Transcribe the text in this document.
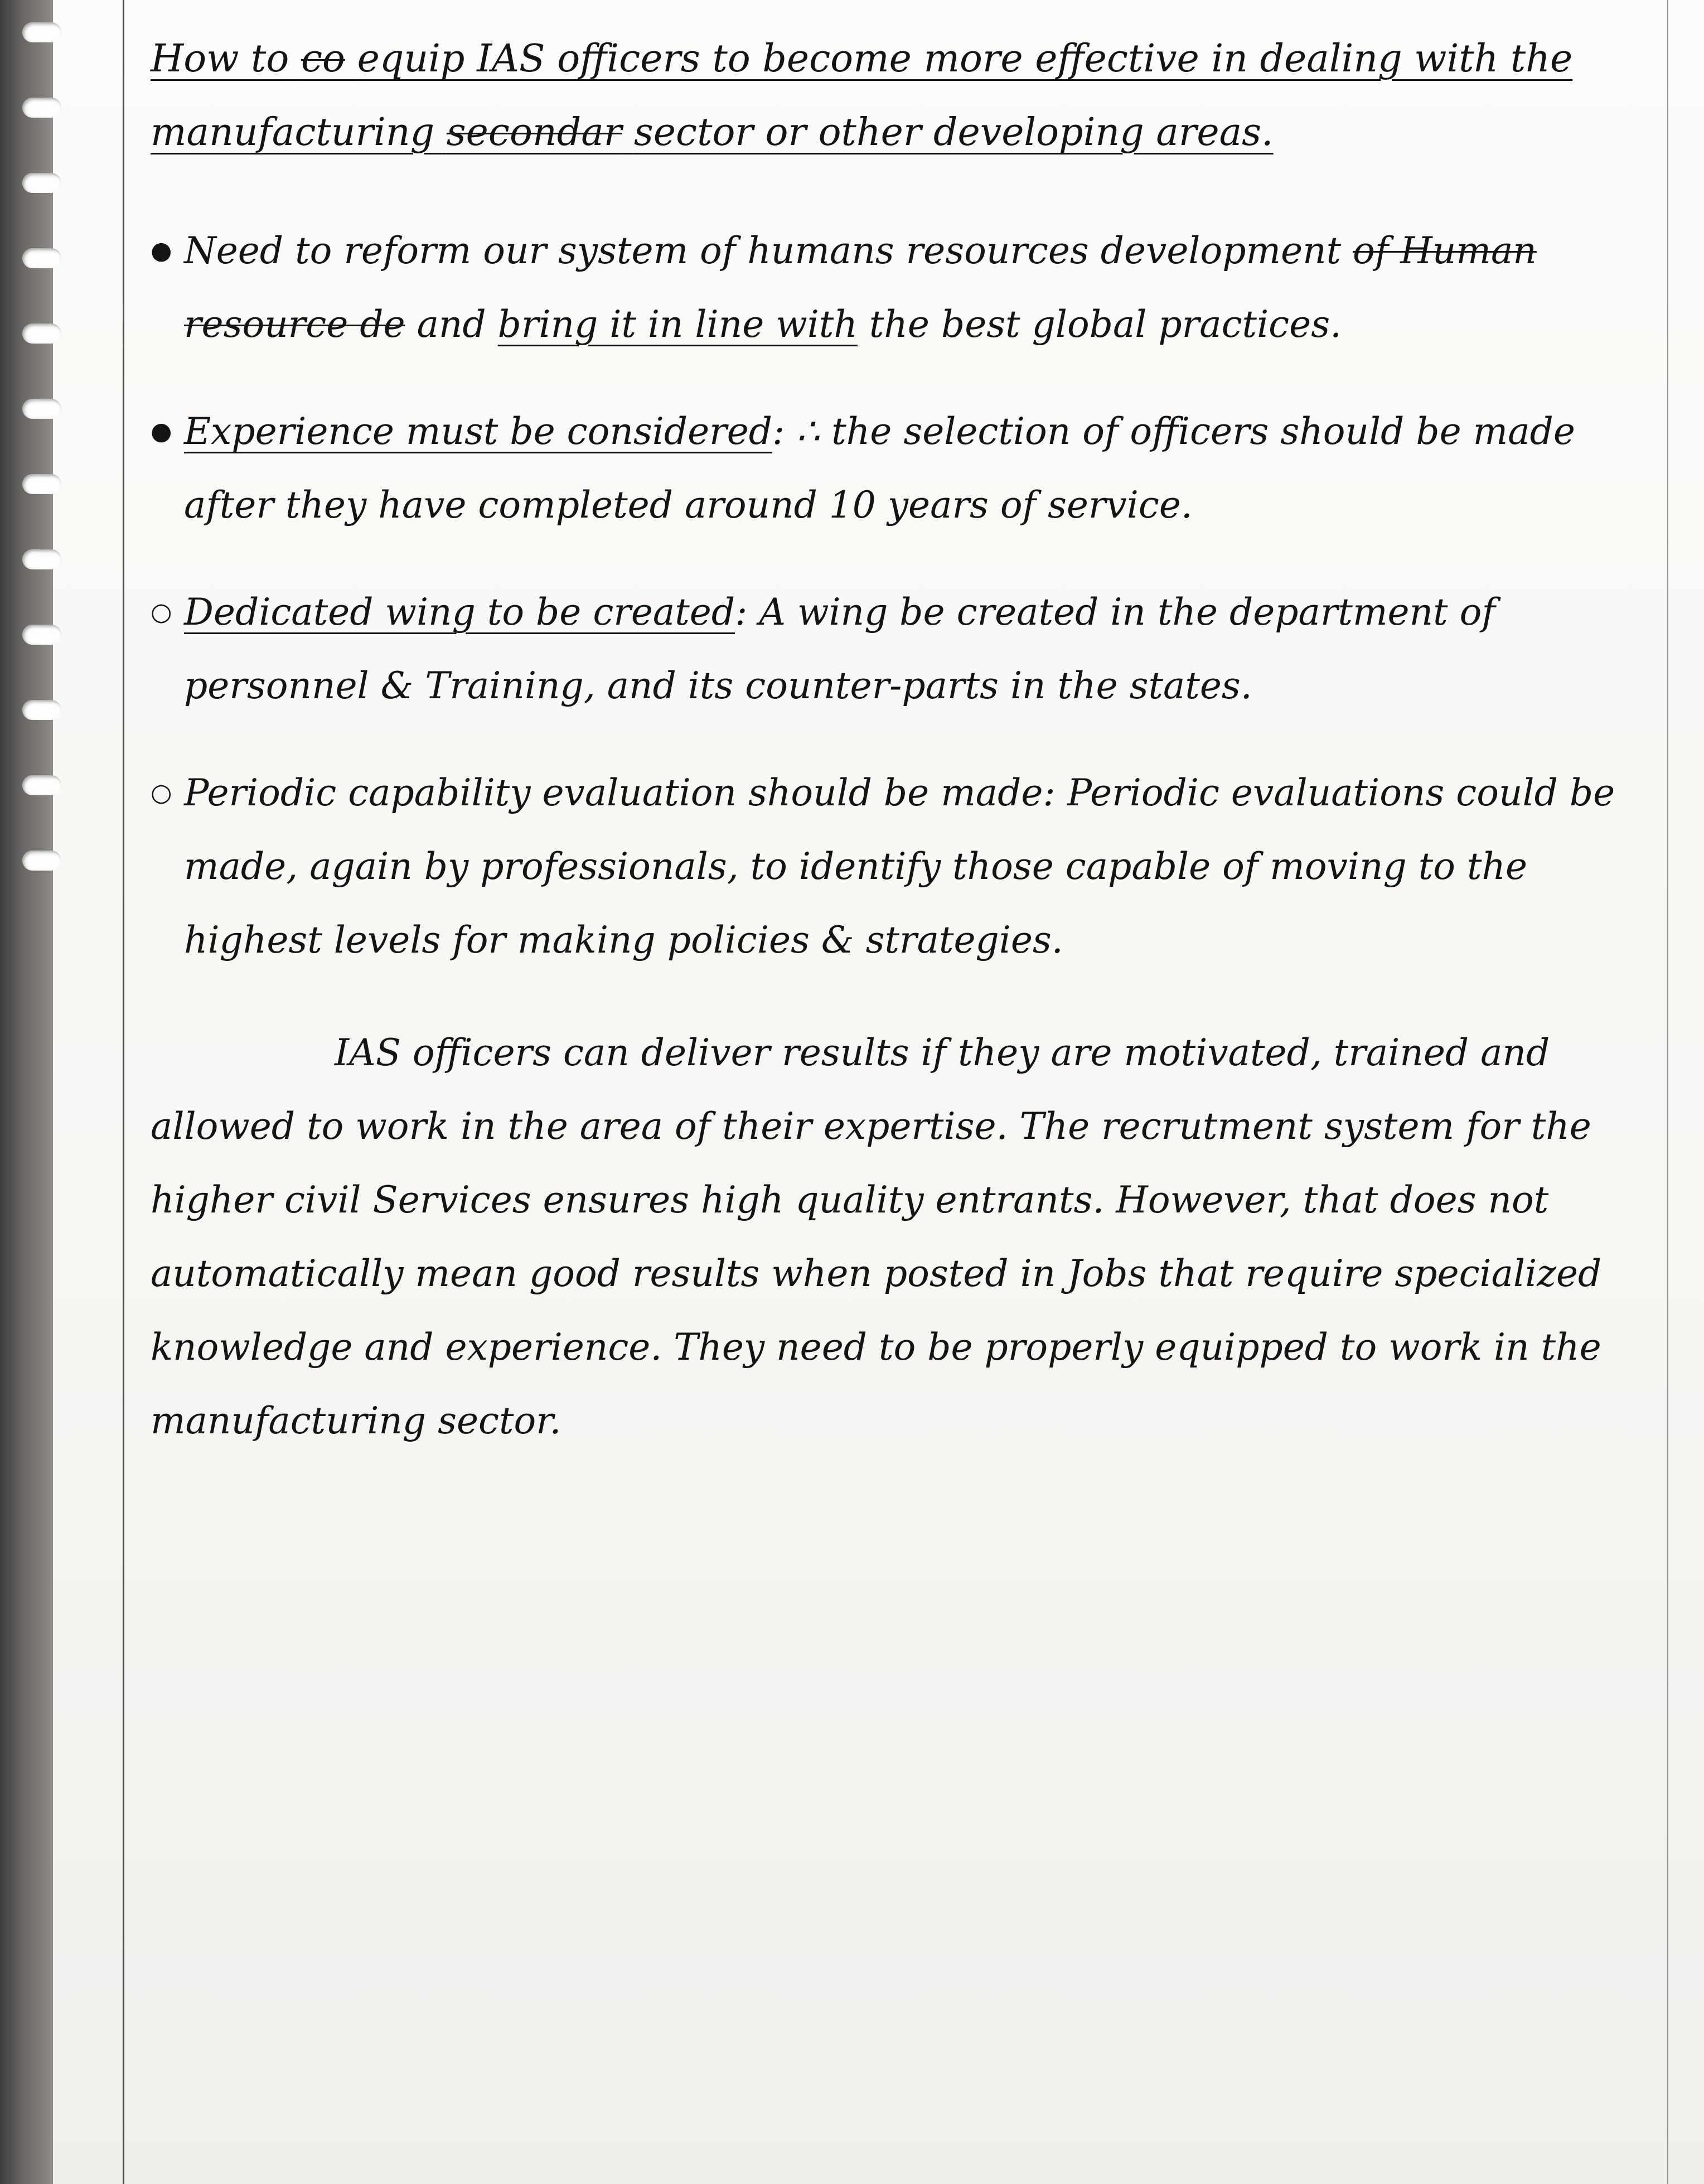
How to co equip IAS officers to become more effective in dealing with the manufacturing secondar sector or other developing areas.

● Need to reform our system of humans resources development of Human resource de and bring it in line with the best global practices.
● Experience must be considered: ∴ the selection of officers should be made after they have completed around 10 years of service.
○ Dedicated wing to be created: A wing be created in the department of personnel & Training, and its counter-parts in the states.
○ Periodic capability evaluation should be made: Periodic evaluations could be made, again by professionals, to identify those capable of moving to the highest levels for making policies & strategies.

IAS officers can deliver results if they are motivated, trained and allowed to work in the area of their expertise. The recrutment system for the higher civil Services ensures high quality entrants. However, that does not automatically mean good results when posted in Jobs that require specialized knowledge and experience. They need to be properly equipped to work in the manufacturing sector.
